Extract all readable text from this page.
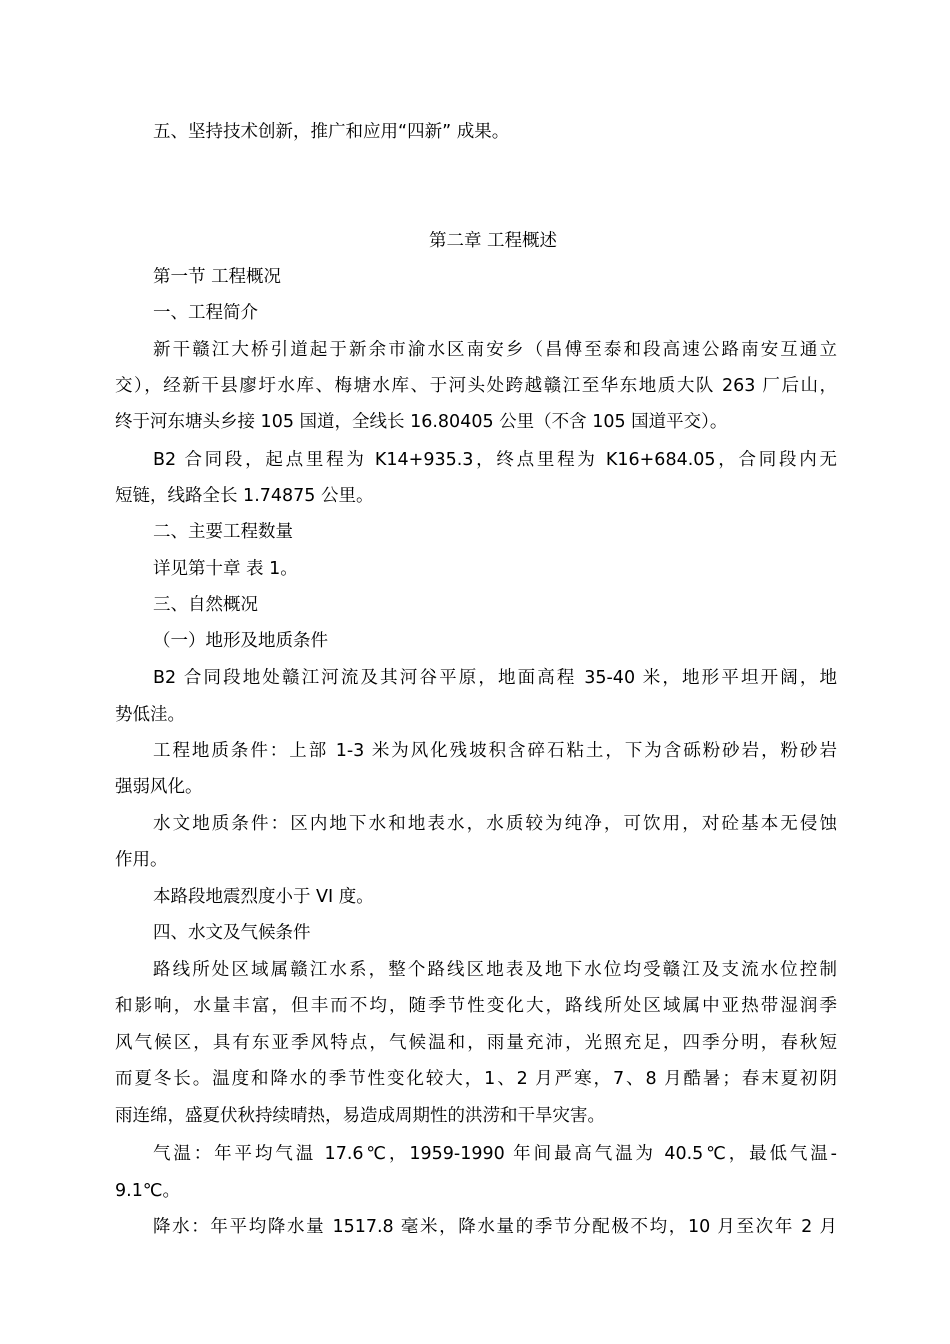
五、坚持技术创新，推广和应用“四新” 成果。
第二章 工程概述
第一节 工程概况
一、工程简介
新干赣江大桥引道起于新余市渝水区南安乡（昌傅至泰和段高速公路南安互通立
交），经新干县廖圩水库、梅塘水库、于河头处跨越赣江至华东地质大队 263 厂后山，
终于河东塘头乡接 105 国道，全线长 16.80405 公里（不含 105 国道平交）。
B2 合同段，起点里程为 K14+935.3，终点里程为 K16+684.05，合同段内无
短链，线路全长 1.74875 公里。
二、主要工程数量
详见第十章 表 1。
三、自然概况
（一）地形及地质条件
B2 合同段地处赣江河流及其河谷平原，地面高程 35-40 米，地形平坦开阔，地
势低洼。
工程地质条件：上部 1-3 米为风化残坡积含碎石粘土，下为含砾粉砂岩，粉砂岩
强弱风化。
水文地质条件：区内地下水和地表水，水质较为纯净，可饮用，对砼基本无侵蚀
作用。
本路段地震烈度小于 VI 度。
四、水文及气候条件
路线所处区域属赣江水系，整个路线区地表及地下水位均受赣江及支流水位控制
和影响，水量丰富，但丰而不均，随季节性变化大，路线所处区域属中亚热带湿润季
风气候区，具有东亚季风特点，气候温和，雨量充沛，光照充足，四季分明，春秋短
而夏冬长。温度和降水的季节性变化较大，1、2 月严寒，7、8 月酷暑；春末夏初阴
雨连绵，盛夏伏秋持续晴热，易造成周期性的洪涝和干旱灾害。
气温：年平均气温 17.6℃，1959-1990 年间最高气温为 40.5℃，最低气温-
9.1℃。
降水：年平均降水量 1517.8 毫米，降水量的季节分配极不均，10 月至次年 2 月
